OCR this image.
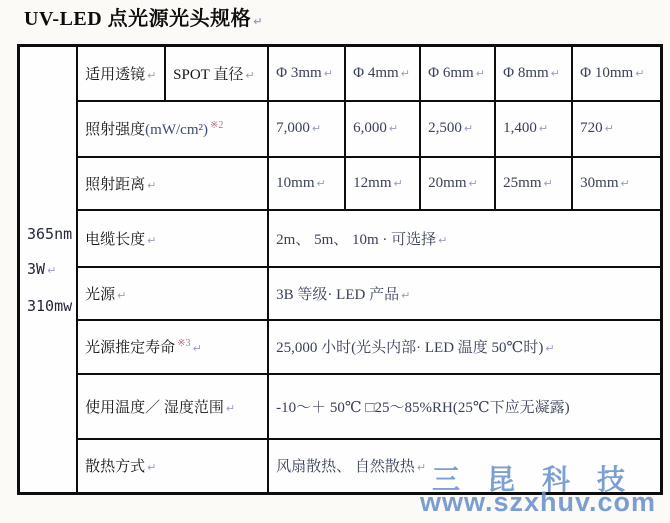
UV-LED 点光源光头规格 ↵
365nm
3W ↵
310mw	适用透镜 ↵	SPOT 直径 ↵	Φ 3mm ↵	Φ 4mm ↵	Φ 6mm ↵	Φ 8mm ↵	Φ 10mm ↵
	照射强度(mW/cm²) $^{※2}$		7,000 ↵	6,000 ↵	2,500 ↵	1,400 ↵	720 ↵
	照射距离 ↵		10mm ↵	12mm ↵	20mm ↵	25mm ↵	30mm ↵
	电缆长度 ↵		2m、 5m、 10m · 可选择 ↵				
	光源 ↵		3B 等级· LED 产品 ↵				
	光源推定寿命 $^{※3}$ ↵		25,000 小时(光头内部· LED 温度 50℃时) ↵				
	使用温度／ 湿度范围 ↵		-10～＋ 50℃ □25～85%RH(25℃下应无凝露)				
	散热方式 ↵		风扇散热、 自然散热 ↵				三 昆 科 技
www.szxhuv.com
